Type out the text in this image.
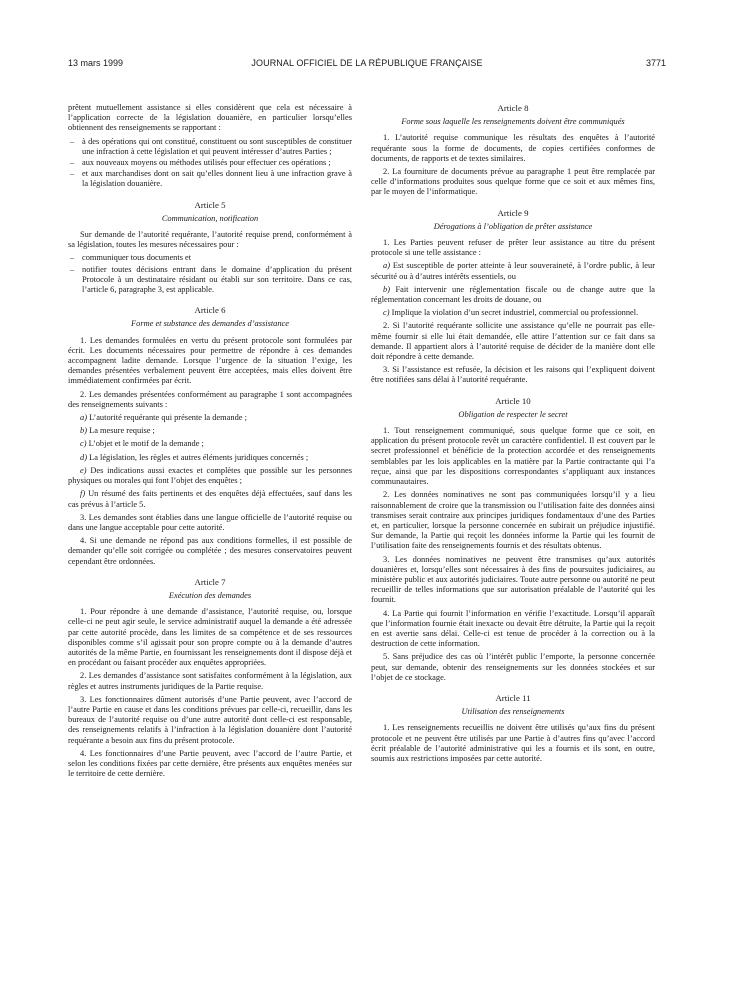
13 mars 1999	JOURNAL OFFICIEL DE LA RÉPUBLIQUE FRANÇAISE	3771

prêtent mutuellement assistance si elles considèrent que cela est nécessaire à l’application correcte de la législation douanière, en particulier lorsqu’elles obtiennent des renseignements se rapportant :

– à des opérations qui ont constitué, constituent ou sont susceptibles de constituer une infraction à cette législation et qui peuvent intéresser d’autres Parties ;
– aux nouveaux moyens ou méthodes utilisés pour effectuer ces opérations ;
– et aux marchandises dont on sait qu’elles donnent lieu à une infraction grave à la législation douanière.
Article 5
Communication, notification

Sur demande de l’autorité requérante, l’autorité requise prend, conformément à sa législation, toutes les mesures nécessaires pour :

– communiquer tous documents et
– notifier toutes décisions entrant dans le domaine d’application du présent Protocole à un destinataire résidant ou établi sur son territoire. Dans ce cas, l’article 6, paragraphe 3, est applicable.
Article 6
Forme et substance des demandes d’assistance

1. Les demandes formulées en vertu du présent protocole sont formulées par écrit. Les documents nécessaires pour permettre de répondre à ces demandes accompagnent ladite demande. Lorsque l’urgence de la situation l’exige, les demandes présentées verbalement peuvent être acceptées, mais elles doivent être immédiatement confirmées par écrit.

2. Les demandes présentées conformément au paragraphe 1 sont accompagnées des renseignements suivants :

a) L’autorité requérante qui présente la demande ;

b) La mesure requise ;

c) L’objet et le motif de la demande ;

d) La législation, les règles et autres éléments juridiques concernés ;

e) Des indications aussi exactes et complètes que possible sur les personnes physiques ou morales qui font l’objet des enquêtes ;

f) Un résumé des faits pertinents et des enquêtes déjà effectuées, sauf dans les cas prévus à l’article 5.

3. Les demandes sont établies dans une langue officielle de l’autorité requise ou dans une langue acceptable pour cette autorité.

4. Si une demande ne répond pas aux conditions formelles, il est possible de demander qu’elle soit corrigée ou complétée ; des mesures conservatoires peuvent cependant être ordonnées.

Article 7
Exécution des demandes

1. Pour répondre à une demande d’assistance, l’autorité requise, ou, lorsque celle-ci ne peut agir seule, le service administratif auquel la demande a été adressée par cette autorité procède, dans les limites de sa compétence et de ses ressources disponibles comme s’il agissait pour son propre compte ou à la demande d’autres autorités de la même Partie, en fournissant les renseignements dont il dispose déjà et en procédant ou faisant procéder aux enquêtes appropriées.

2. Les demandes d’assistance sont satisfaites conformément à la législation, aux règles et autres instruments juridiques de la Partie requise.

3. Les fonctionnaires dûment autorisés d’une Partie peuvent, avec l’accord de l’autre Partie en cause et dans les conditions prévues par celle-ci, recueillir, dans les bureaux de l’autorité requise ou d’une autre autorité dont celle-ci est responsable, des renseignements relatifs à l’infraction à la législation douanière dont l’autorité requérante a besoin aux fins du présent protocole.

4. Les fonctionnaires d’une Partie peuvent, avec l’accord de l’autre Partie, et selon les conditions fixées par cette dernière, être présents aux enquêtes menées sur le territoire de cette dernière.

Article 8
Forme sous laquelle les renseignements doivent être communiqués

1. L’autorité requise communique les résultats des enquêtes à l’autorité requérante sous la forme de documents, de copies certifiées conformes de documents, de rapports et de textes similaires.

2. La fourniture de documents prévue au paragraphe 1 peut être remplacée par celle d’informations produites sous quelque forme que ce soit et aux mêmes fins, par le moyen de l’informatique.

Article 9
Dérogations à l’obligation de prêter assistance

1. Les Parties peuvent refuser de prêter leur assistance au titre du présent protocole si une telle assistance :

a) Est susceptible de porter atteinte à leur souveraineté, à l’ordre public, à leur sécurité ou à d’autres intérêts essentiels, ou

b) Fait intervenir une réglementation fiscale ou de change autre que la réglementation concernant les droits de douane, ou

c) Implique la violation d’un secret industriel, commercial ou professionnel.

2. Si l’autorité requérante sollicite une assistance qu’elle ne pourrait pas elle-même fournir si elle lui était demandée, elle attire l’attention sur ce fait dans sa demande. Il appartient alors à l’autorité requise de décider de la manière dont elle doit répondre à cette demande.

3. Si l’assistance est refusée, la décision et les raisons qui l’expliquent doivent être notifiées sans délai à l’autorité requérante.

Article 10
Obligation de respecter le secret

1. Tout renseignement communiqué, sous quelque forme que ce soit, en application du présent protocole revêt un caractère confidentiel. Il est couvert par le secret professionnel et bénéficie de la protection accordée et des renseignements semblables par les lois applicables en la matière par la Partie contractante qui l’a reçue, ainsi que par les dispositions correspondantes s’appliquant aux instances communautaires.

2. Les données nominatives ne sont pas communiquées lorsqu’il y a lieu raisonnablement de croire que la transmission ou l’utilisation faite des données ainsi transmises serait contraire aux principes juridiques fondamentaux d’une des Parties et, en particulier, lorsque la personne concernée en subirait un préjudice injustifié. Sur demande, la Partie qui reçoit les données informe la Partie qui les fournit de l’utilisation faite des renseignements fournis et des résultats obtenus.

3. Les données nominatives ne peuvent être transmises qu’aux autorités douanières et, lorsqu’elles sont nécessaires à des fins de poursuites judiciaires, au ministère public et aux autorités judiciaires. Toute autre personne ou autorité ne peut recueillir de telles informations que sur autorisation préalable de l’autorité qui les fournit.

4. La Partie qui fournit l’information en vérifie l’exactitude. Lorsqu’il apparaît que l’information fournie était inexacte ou devait être détruite, la Partie qui la reçoit en est avertie sans délai. Celle-ci est tenue de procéder à la correction ou à la destruction de cette information.

5. Sans préjudice des cas où l’intérêt public l’emporte, la personne concernée peut, sur demande, obtenir des renseignements sur les données stockées et sur l’objet de ce stockage.

Article 11
Utilisation des renseignements

1. Les renseignements recueillis ne doivent être utilisés qu’aux fins du présent protocole et ne peuvent être utilisés par une Partie à d’autres fins qu’avec l’accord écrit préalable de l’autorité administrative qui les a fournis et ils sont, en outre, soumis aux restrictions imposées par cette autorité.
